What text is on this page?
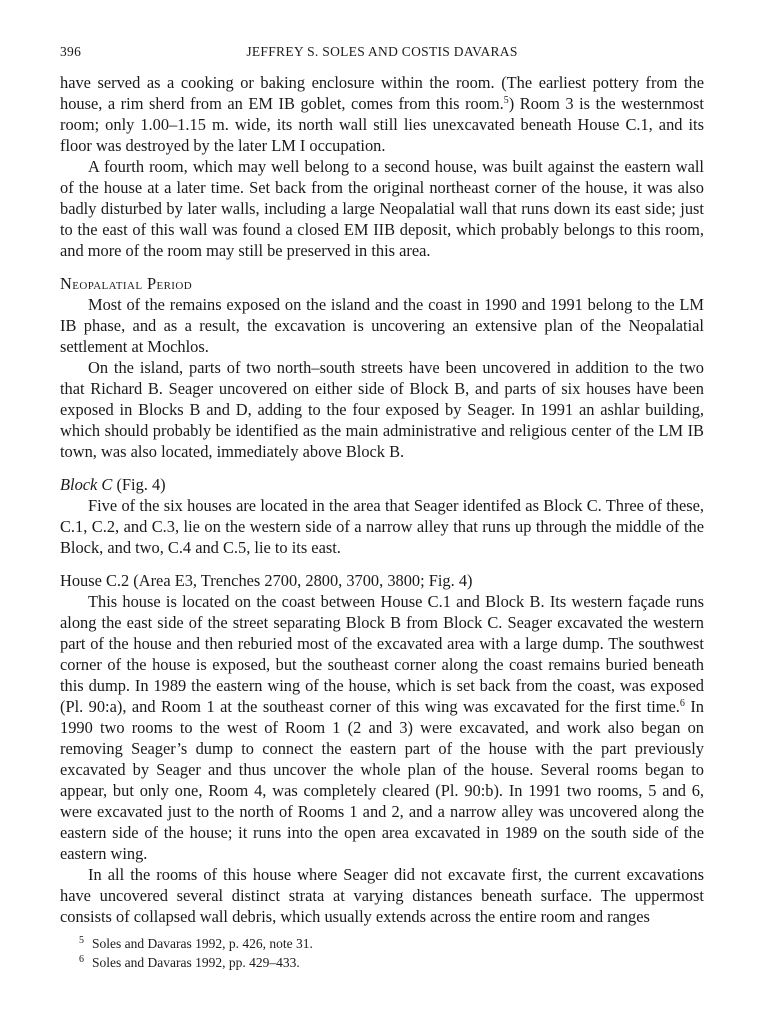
396	JEFFREY S. SOLES AND COSTIS DAVARAS

have served as a cooking or baking enclosure within the room. (The earliest pottery from the house, a rim sherd from an EM IB goblet, comes from this room.$^5$) Room 3 is the westernmost room; only 1.00–1.15 m. wide, its north wall still lies unexcavated beneath House C.1, and its floor was destroyed by the later LM I occupation.

A fourth room, which may well belong to a second house, was built against the eastern wall of the house at a later time. Set back from the original northeast corner of the house, it was also badly disturbed by later walls, including a large Neopalatial wall that runs down its east side; just to the east of this wall was found a closed EM IIB deposit, which probably belongs to this room, and more of the room may still be preserved in this area.

Neopalatial Period

Most of the remains exposed on the island and the coast in 1990 and 1991 belong to the LM IB phase, and as a result, the excavation is uncovering an extensive plan of the Neopalatial settlement at Mochlos.

On the island, parts of two north–south streets have been uncovered in addition to the two that Richard B. Seager uncovered on either side of Block B, and parts of six houses have been exposed in Blocks B and D, adding to the four exposed by Seager. In 1991 an ashlar building, which should probably be identified as the main administrative and religious center of the LM IB town, was also located, immediately above Block B.

Block C (Fig. 4)

Five of the six houses are located in the area that Seager identifed as Block C. Three of these, C.1, C.2, and C.3, lie on the western side of a narrow alley that runs up through the middle of the Block, and two, C.4 and C.5, lie to its east.

House C.2 (Area E3, Trenches 2700, 2800, 3700, 3800; Fig. 4)

This house is located on the coast between House C.1 and Block B. Its western façade runs along the east side of the street separating Block B from Block C. Seager excavated the western part of the house and then reburied most of the excavated area with a large dump. The southwest corner of the house is exposed, but the southeast corner along the coast remains buried beneath this dump. In 1989 the eastern wing of the house, which is set back from the coast, was exposed (Pl. 90:a), and Room 1 at the southeast corner of this wing was excavated for the first time.$^6$ In 1990 two rooms to the west of Room 1 (2 and 3) were excavated, and work also began on removing Seager’s dump to connect the eastern part of the house with the part previously excavated by Seager and thus uncover the whole plan of the house. Several rooms began to appear, but only one, Room 4, was completely cleared (Pl. 90:b). In 1991 two rooms, 5 and 6, were excavated just to the north of Rooms 1 and 2, and a narrow alley was uncovered along the eastern side of the house; it runs into the open area excavated in 1989 on the south side of the eastern wing.

In all the rooms of this house where Seager did not excavate first, the current excavations have uncovered several distinct strata at varying distances beneath surface. The uppermost consists of collapsed wall debris, which usually extends across the entire room and ranges

5 Soles and Davaras 1992, p. 426, note 31.
6 Soles and Davaras 1992, pp. 429–433.
